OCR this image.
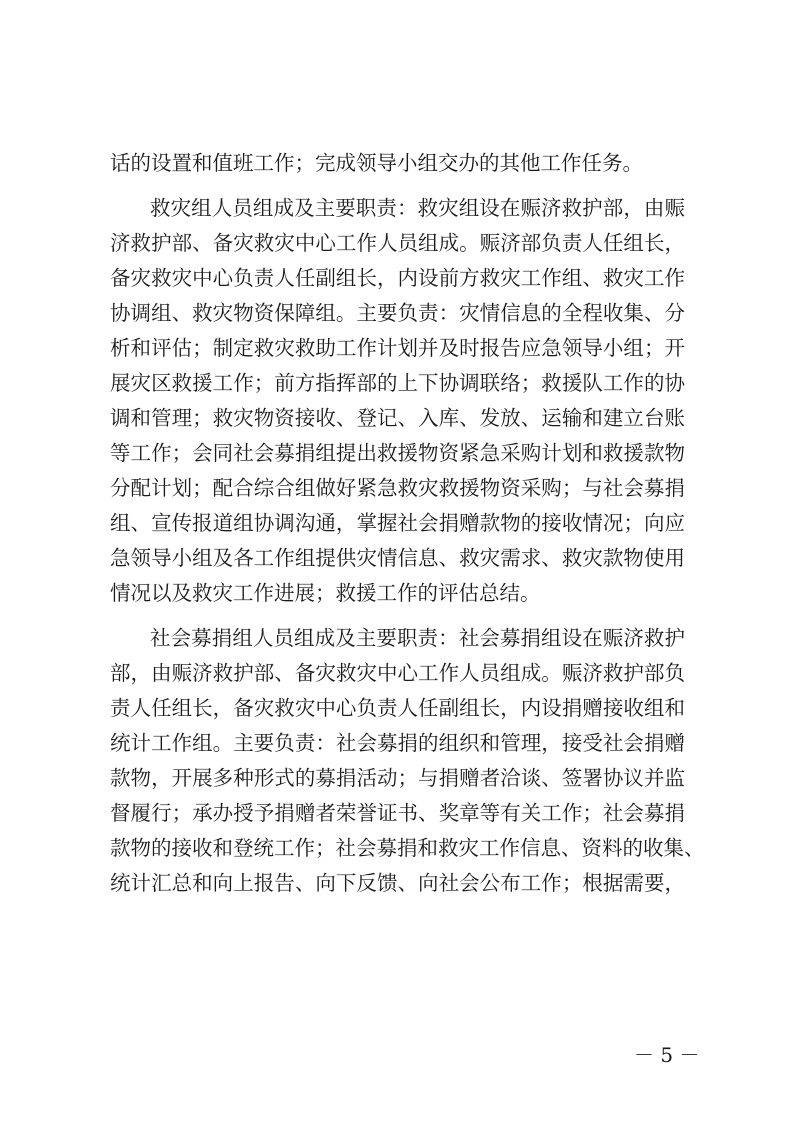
话的设置和值班工作；完成领导小组交办的其他工作任务。
救灾组人员组成及主要职责：救灾组设在赈济救护部，由赈
济救护部、备灾救灾中心工作人员组成。赈济部负责人任组长，
备灾救灾中心负责人任副组长，内设前方救灾工作组、救灾工作
协调组、救灾物资保障组。主要负责：灾情信息的全程收集、分
析和评估；制定救灾救助工作计划并及时报告应急领导小组；开
展灾区救援工作；前方指挥部的上下协调联络；救援队工作的协
调和管理；救灾物资接收、登记、入库、发放、运输和建立台账
等工作；会同社会募捐组提出救援物资紧急采购计划和救援款物
分配计划；配合综合组做好紧急救灾救援物资采购；与社会募捐
组、宣传报道组协调沟通，掌握社会捐赠款物的接收情况；向应
急领导小组及各工作组提供灾情信息、救灾需求、救灾款物使用
情况以及救灾工作进展；救援工作的评估总结。
社会募捐组人员组成及主要职责：社会募捐组设在赈济救护
部，由赈济救护部、备灾救灾中心工作人员组成。赈济救护部负
责人任组长，备灾救灾中心负责人任副组长，内设捐赠接收组和
统计工作组。主要负责：社会募捐的组织和管理，接受社会捐赠
款物，开展多种形式的募捐活动；与捐赠者洽谈、签署协议并监
督履行；承办授予捐赠者荣誉证书、奖章等有关工作；社会募捐
款物的接收和登统工作；社会募捐和救灾工作信息、资料的收集、
统计汇总和向上报告、向下反馈、向社会公布工作；根据需要，
－ 5 －
